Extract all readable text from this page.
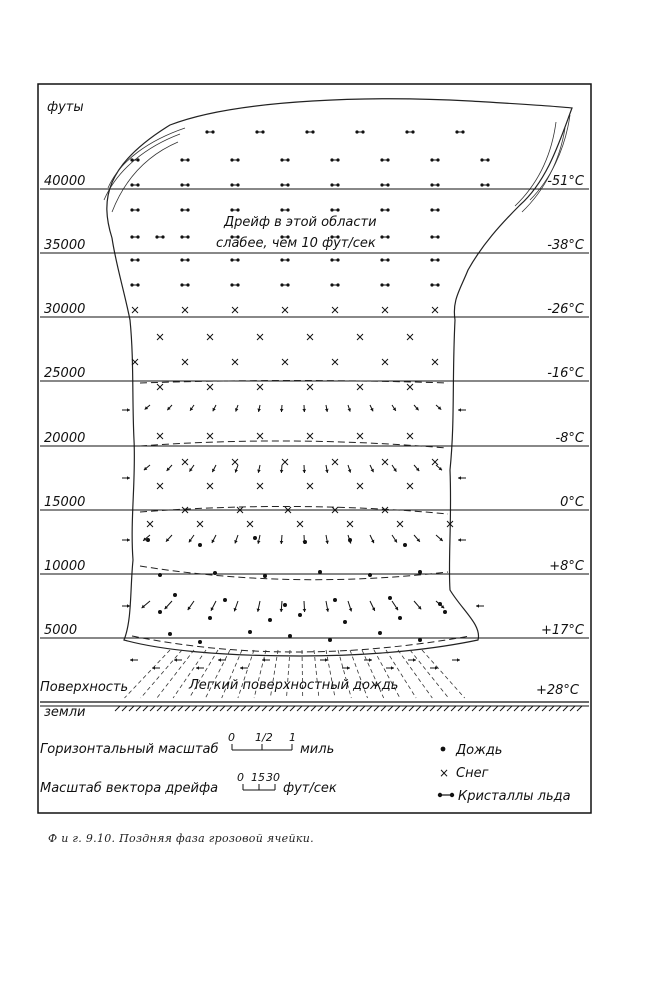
футы
40000
35000
30000
25000
20000
15000
10000
5000
-51°C
-38°C
-26°C
-16°C
-8°C
0°C
+8°C
+17°C
Дрейф в этой области
слабее, чем 10 фут/сек
Легкий поверхностный дождь
Поверхность
земли
+28°C
Горизонтальный масштаб
0 1/2 1
миль
Масштаб вектора дрейфа
0 15 30
фут/сек
Дождь
× Снег
Кристаллы льда
Ф и г. 9.10. Поздняя фаза грозовой ячейки.
